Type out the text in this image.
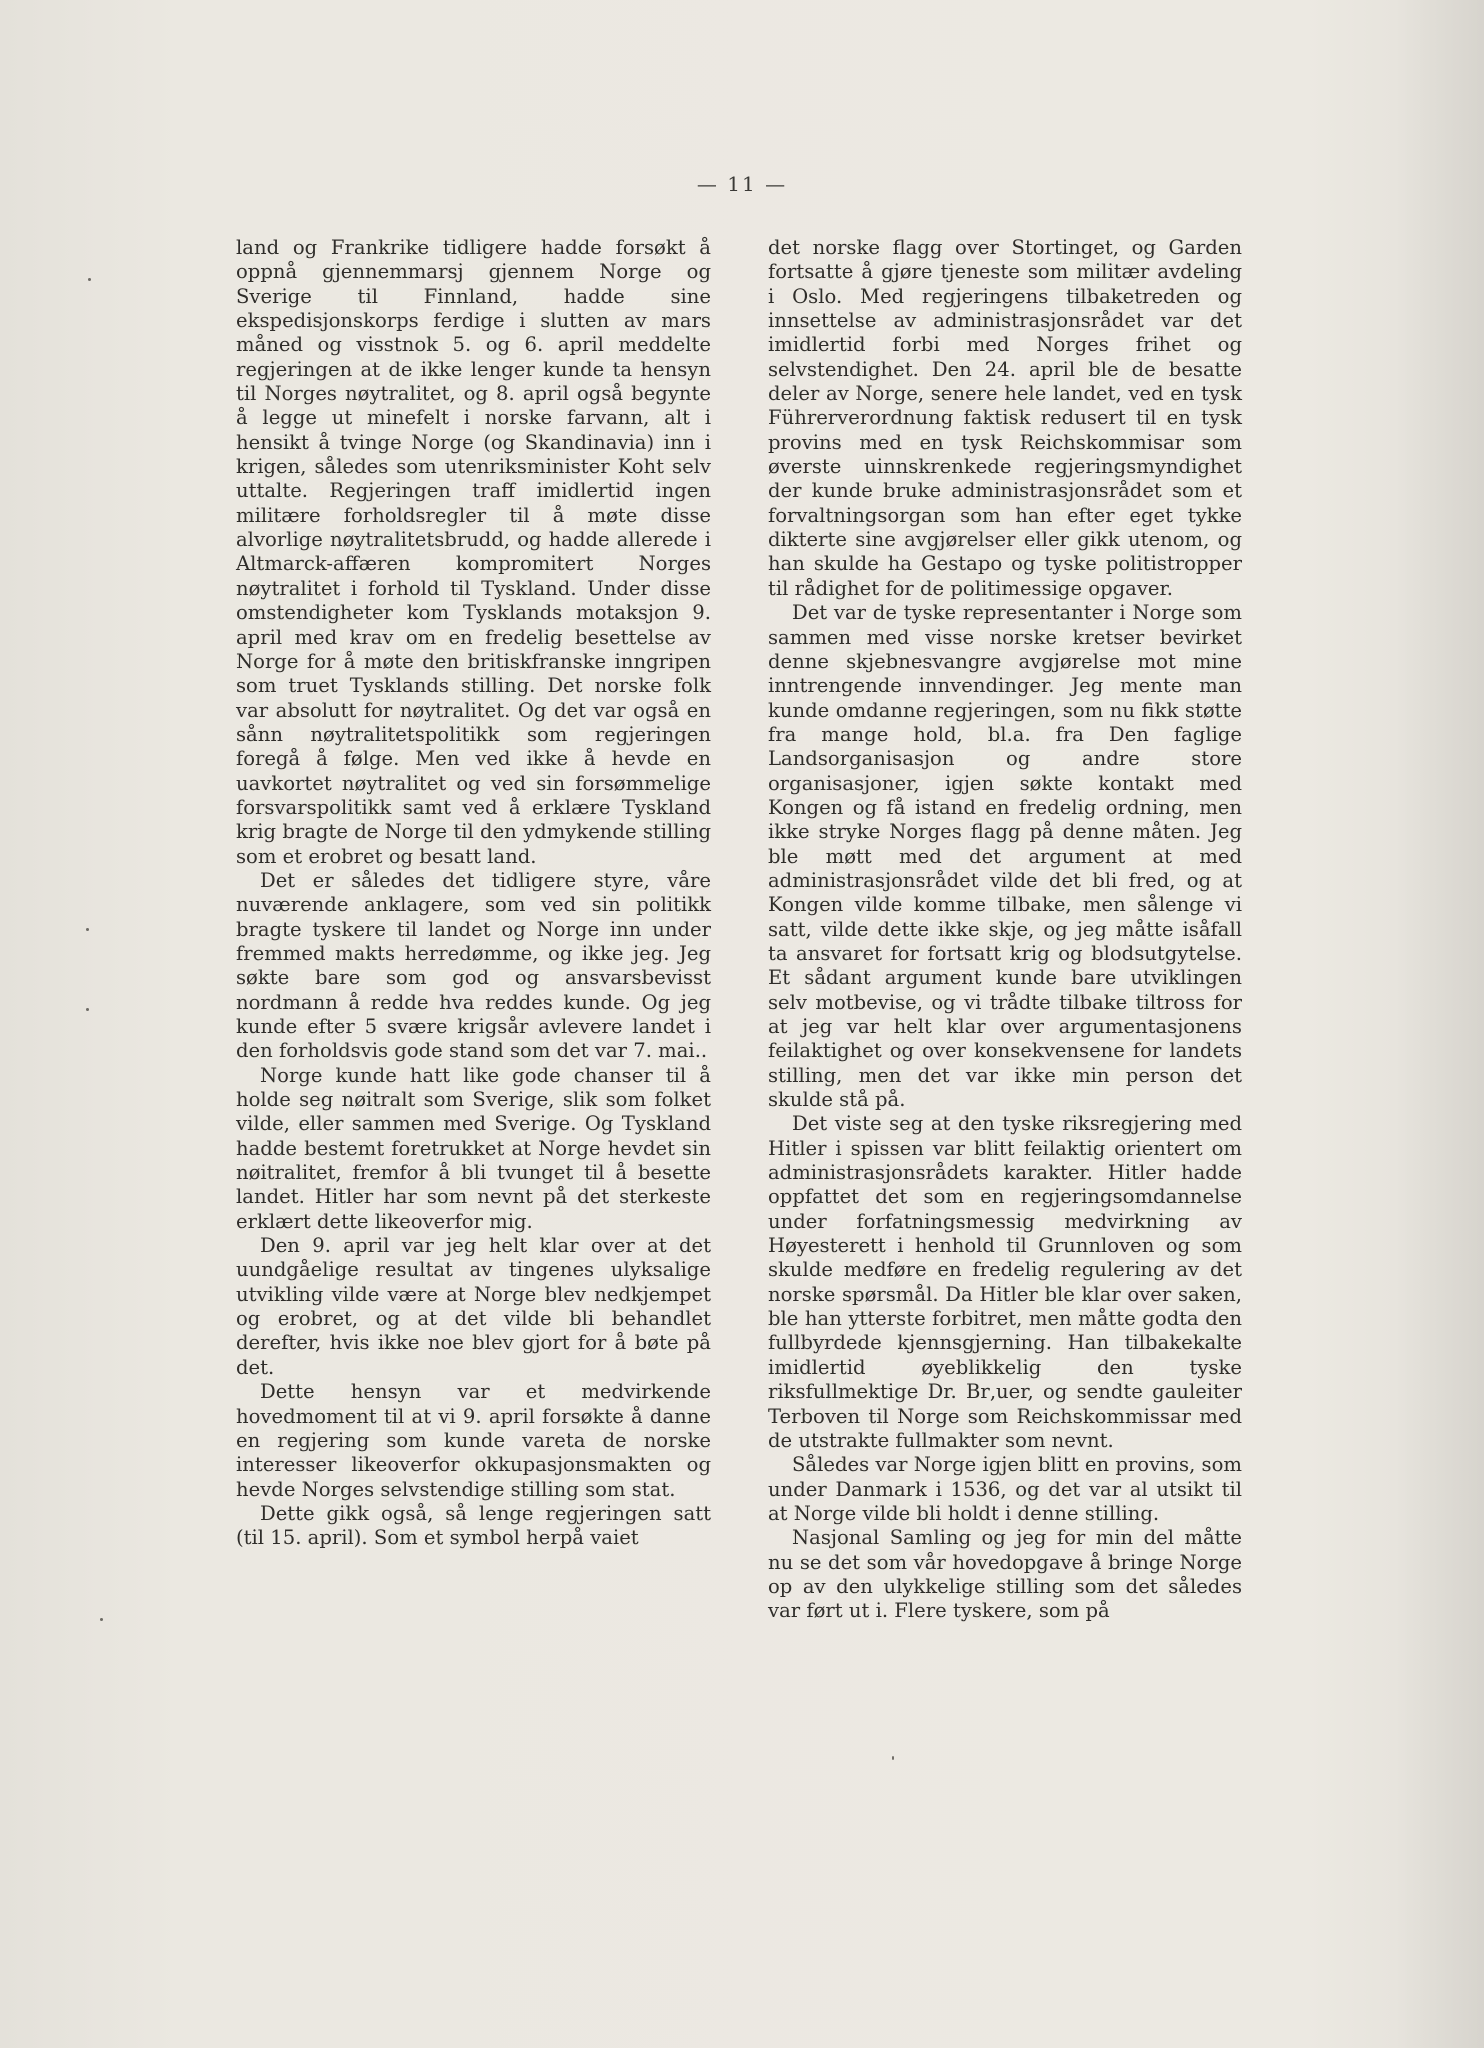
— 11 —

land og Frankrike tidligere hadde forsøkt å oppnå gjennemmarsj gjennem Norge og Sverige til Finnland, hadde sine ekspedisjonskorps ferdige i slutten av mars måned og visstnok 5. og 6. april meddelte regjeringen at de ikke lenger kunde ta hensyn til Norges nøytralitet, og 8. april også begynte å legge ut minefelt i norske farvann, alt i hensikt å tvinge Norge (og Skandinavia) inn i krigen, således som utenriksminister Koht selv uttalte. Regjeringen traff imidlertid ingen militære forholdsregler til å møte disse alvorlige nøytralitetsbrudd, og hadde allerede i Altmarck-affæren kompromitert Norges nøytralitet i forhold til Tyskland. Under disse omstendigheter kom Tysklands motaksjon 9. april med krav om en fredelig besettelse av Norge for å møte den britiskfranske inngripen som truet Tysklands stilling. Det norske folk var absolutt for nøytralitet. Og det var også en sånn nøytralitetspolitikk som regjeringen foregå å følge. Men ved ikke å hevde en uavkortet nøytralitet og ved sin forsømmelige forsvarspolitikk samt ved å erklære Tyskland krig bragte de Norge til den ydmykende stilling som et erobret og besatt land.

Det er således det tidligere styre, våre nuværende anklagere, som ved sin politikk bragte tyskere til landet og Norge inn under fremmed makts herredømme, og ikke jeg. Jeg søkte bare som god og ansvarsbevisst nordmann å redde hva reddes kunde. Og jeg kunde efter 5 svære krigsår avlevere landet i den forholdsvis gode stand som det var 7. mai..

Norge kunde hatt like gode chanser til å holde seg nøitralt som Sverige, slik som folket vilde, eller sammen med Sverige. Og Tyskland hadde bestemt foretrukket at Norge hevdet sin nøitralitet, fremfor å bli tvunget til å besette landet. Hitler har som nevnt på det sterkeste erklært dette likeoverfor mig.

Den 9. april var jeg helt klar over at det uundgåelige resultat av tingenes ulyksalige utvikling vilde være at Norge blev nedkjempet og erobret, og at det vilde bli behandlet derefter, hvis ikke noe blev gjort for å bøte på det.

Dette hensyn var et medvirkende hovedmoment til at vi 9. april forsøkte å danne en regjering som kunde vareta de norske interesser likeoverfor okkupasjonsmakten og hevde Norges selvstendige stilling som stat.

Dette gikk også, så lenge regjeringen satt (til 15. april). Som et symbol herpå vaiet

det norske flagg over Stortinget, og Garden fortsatte å gjøre tjeneste som militær avdeling i Oslo. Med regjeringens tilbaketreden og innsettelse av administrasjonsrådet var det imidlertid forbi med Norges frihet og selvstendighet. Den 24. april ble de besatte deler av Norge, senere hele landet, ved en tysk Führerverordnung faktisk redusert til en tysk provins med en tysk Reichskommisar som øverste uinnskrenkede regjeringsmyndighet der kunde bruke administrasjonsrådet som et forvaltningsorgan som han efter eget tykke dikterte sine avgjørelser eller gikk utenom, og han skulde ha Gestapo og tyske politistropper til rådighet for de politimessige opgaver.

Det var de tyske representanter i Norge som sammen med visse norske kretser bevirket denne skjebnesvangre avgjørelse mot mine inntrengende innvendinger. Jeg mente man kunde omdanne regjeringen, som nu fikk støtte fra mange hold, bl.a. fra Den faglige Landsorganisasjon og andre store organisasjoner, igjen søkte kontakt med Kongen og få istand en fredelig ordning, men ikke stryke Norges flagg på denne måten. Jeg ble møtt med det argument at med administrasjonsrådet vilde det bli fred, og at Kongen vilde komme tilbake, men sålenge vi satt, vilde dette ikke skje, og jeg måtte isåfall ta ansvaret for fortsatt krig og blodsutgytelse. Et sådant argument kunde bare utviklingen selv motbevise, og vi trådte tilbake tiltross for at jeg var helt klar over argumentasjonens feilaktighet og over konsekvensene for landets stilling, men det var ikke min person det skulde stå på.

Det viste seg at den tyske riksregjering med Hitler i spissen var blitt feilaktig orientert om administrasjonsrådets karakter. Hitler hadde oppfattet det som en regjeringsomdannelse under forfatningsmessig medvirkning av Høyesterett i henhold til Grunnloven og som skulde medføre en fredelig regulering av det norske spørsmål. Da Hitler ble klar over saken, ble han ytterste forbitret, men måtte godta den fullbyrdede kjennsgjerning. Han tilbakekalte imidlertid øyeblikkelig den tyske riksfullmektige Dr. Br‚uer, og sendte gauleiter Terboven til Norge som Reichskommissar med de utstrakte fullmakter som nevnt.

Således var Norge igjen blitt en provins, som under Danmark i 1536, og det var al utsikt til at Norge vilde bli holdt i denne stilling.

Nasjonal Samling og jeg for min del måtte nu se det som vår hovedopgave å bringe Norge op av den ulykkelige stilling som det således var ført ut i. Flere tyskere, som på
